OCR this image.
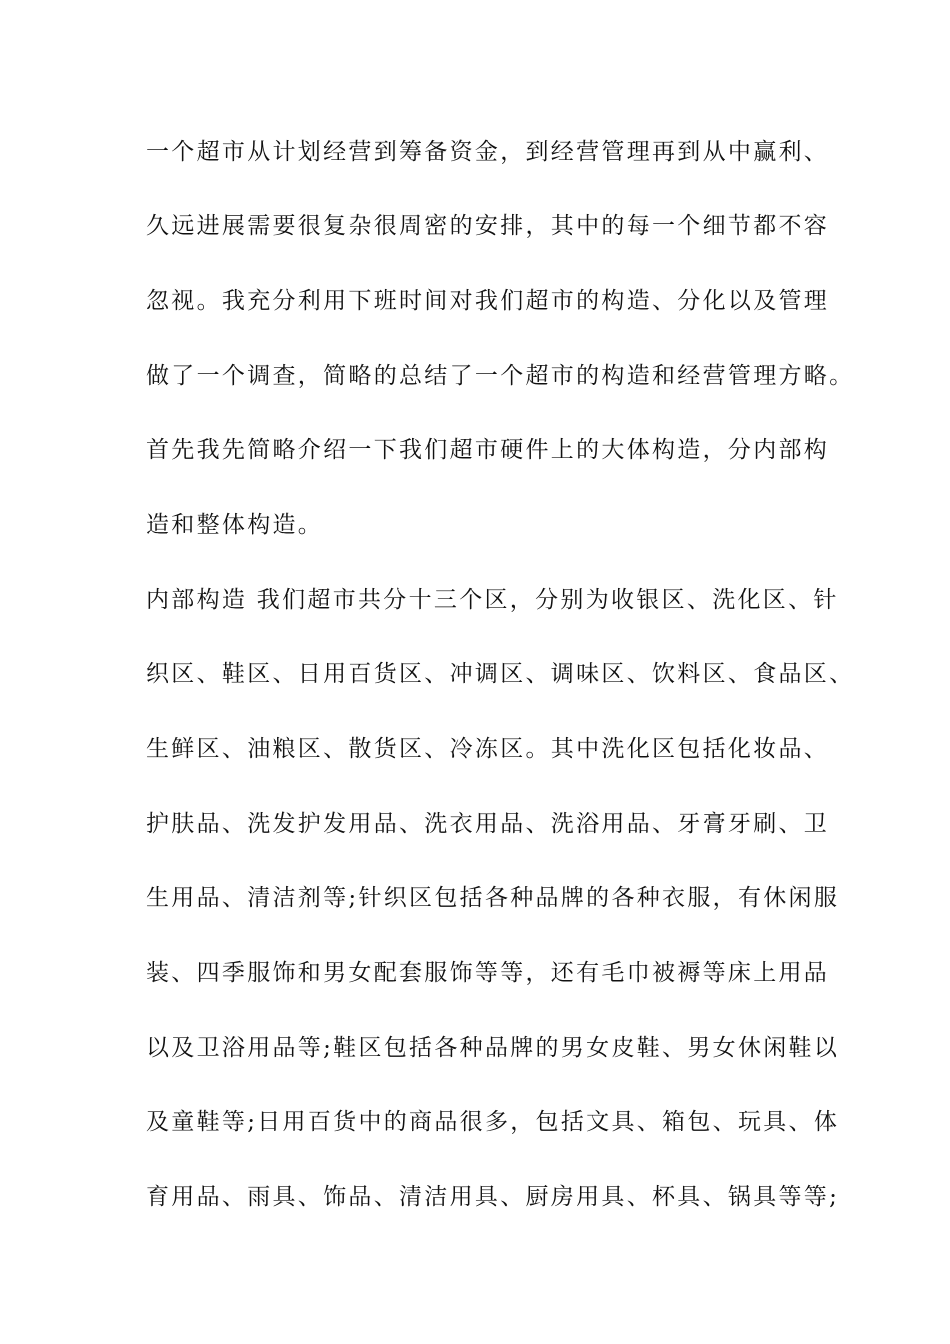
一个超市从计划经营到筹备资金，到经营管理再到从中赢利、
久远进展需要很复杂很周密的安排，其中的每一个细节都不容
忽视。我充分利用下班时间对我们超市的构造、分化以及管理
做了一个调查，简略的总结了一个超市的构造和经营管理方略。
首先我先简略介绍一下我们超市硬件上的大体构造，分内部构
造和整体构造。
内部构造 我们超市共分十三个区，分别为收银区、洗化区、针
织区、鞋区、日用百货区、冲调区、调味区、饮料区、食品区、
生鲜区、油粮区、散货区、冷冻区。其中洗化区包括化妆品、
护肤品、洗发护发用品、洗衣用品、洗浴用品、牙膏牙刷、卫
生用品、清洁剂等;针织区包括各种品牌的各种衣服，有休闲服
装、四季服饰和男女配套服饰等等，还有毛巾被褥等床上用品
以及卫浴用品等;鞋区包括各种品牌的男女皮鞋、男女休闲鞋以
及童鞋等;日用百货中的商品很多，包括文具、箱包、玩具、体
育用品、雨具、饰品、清洁用具、厨房用具、杯具、锅具等等;
